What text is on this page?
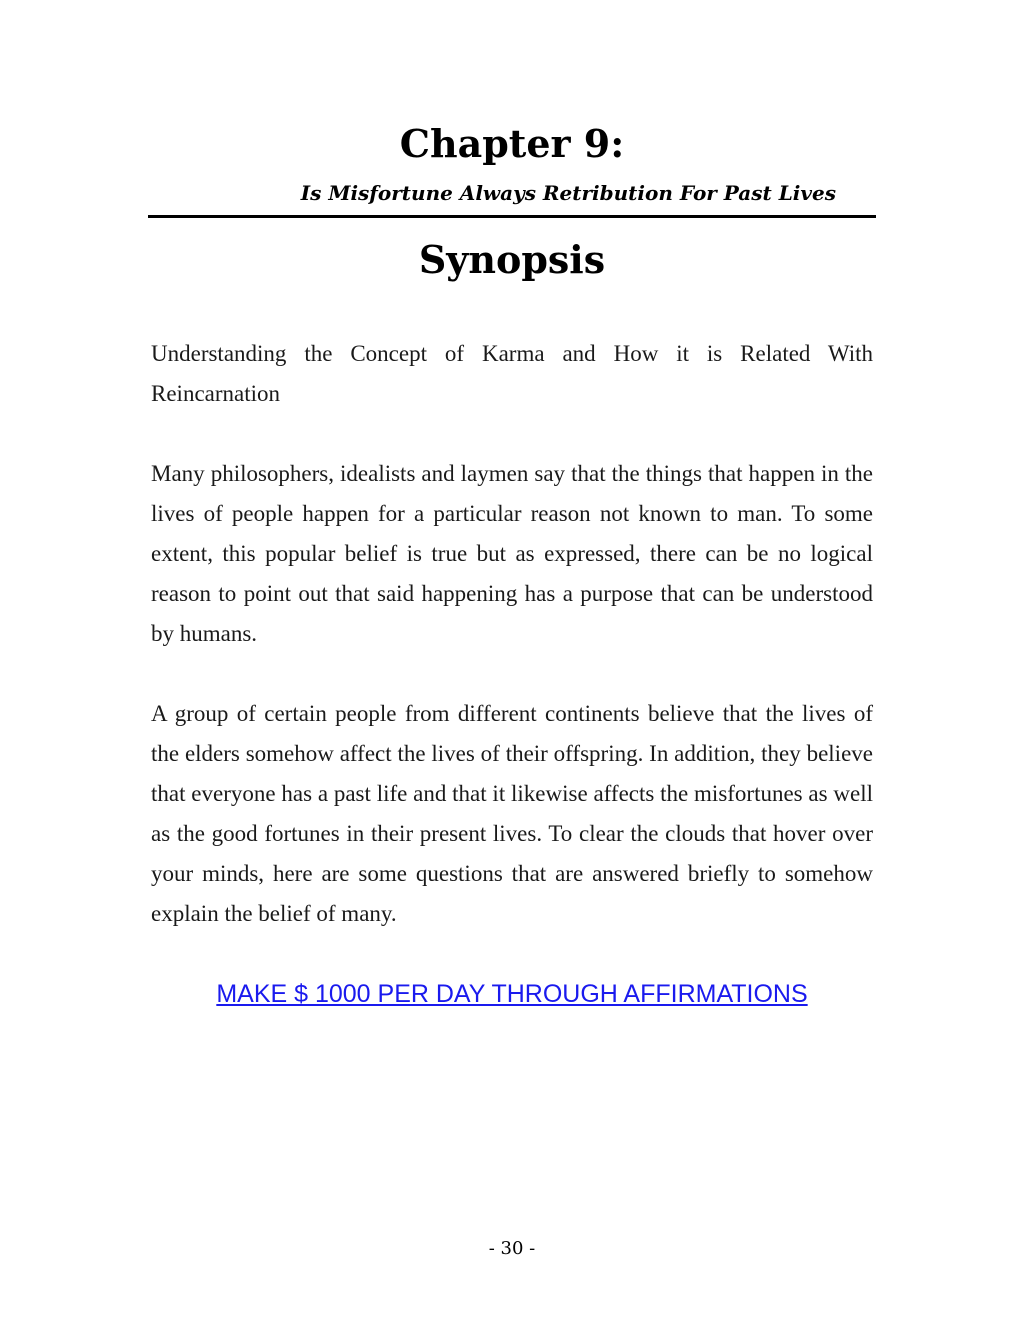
Chapter 9:
Is Misfortune Always Retribution For Past Lives
Synopsis

Understanding the Concept of Karma and How it is Related With Reincarnation

Many philosophers, idealists and laymen say that the things that happen in the lives of people happen for a particular reason not known to man. To some extent, this popular belief is true but as expressed, there can be no logical reason to point out that said happening has a purpose that can be understood by humans.

A group of certain people from different continents believe that the lives of the elders somehow affect the lives of their offspring. In addition, they believe that everyone has a past life and that it likewise affects the misfortunes as well as the good fortunes in their present lives. To clear the clouds that hover over your minds, here are some questions that are answered briefly to somehow explain the belief of many.

MAKE $ 1000 PER DAY THROUGH AFFIRMATIONS

- 30 -
